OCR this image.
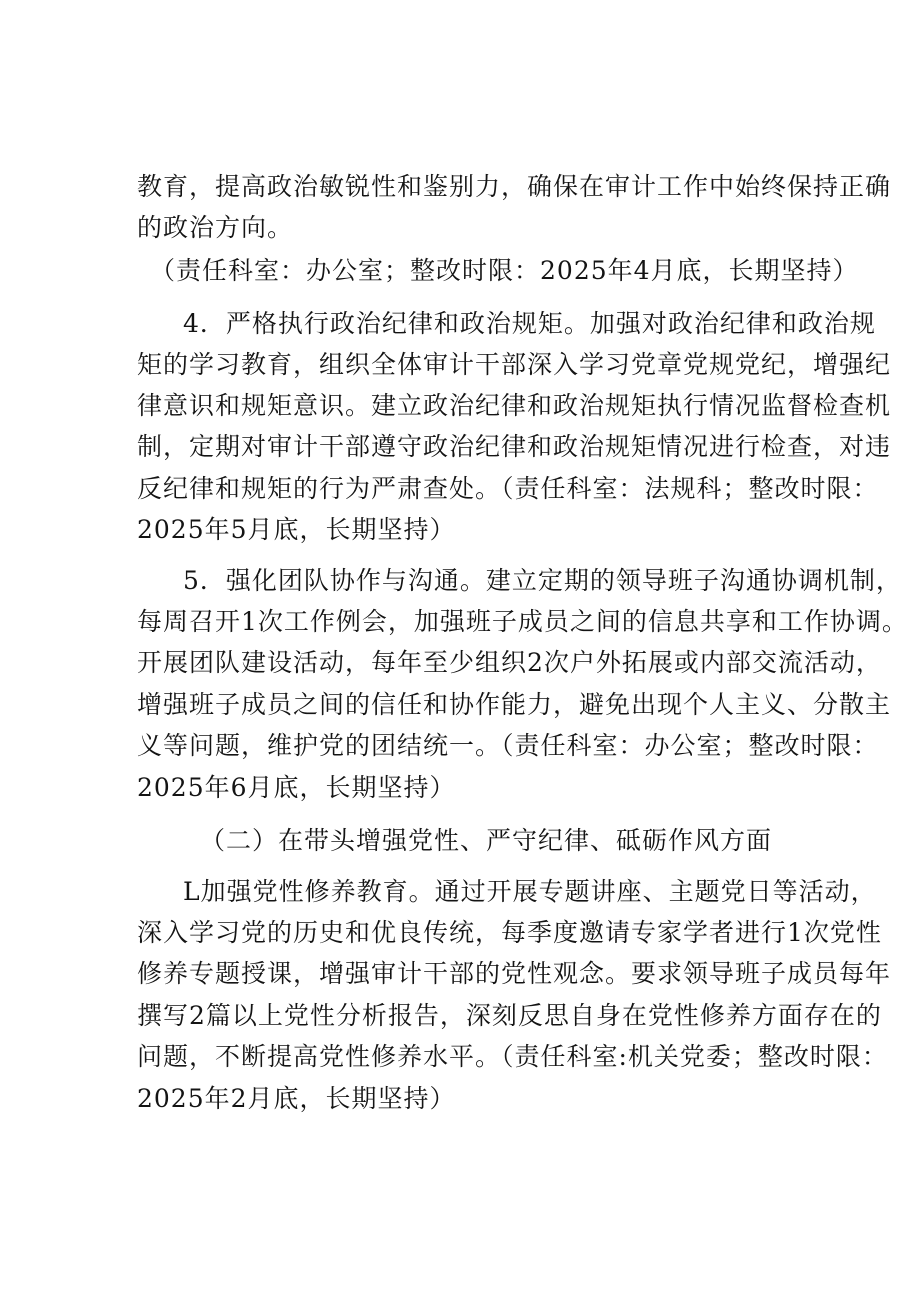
教育，提高政治敏锐性和鉴别力，确保在审计工作中始终保持正确
的政治方向。
（责任科室：办公室；整改时限：2025年4月底，长期坚持）
4．严格执行政治纪律和政治规矩。加强对政治纪律和政治规
矩的学习教育，组织全体审计干部深入学习党章党规党纪，增强纪
律意识和规矩意识。建立政治纪律和政治规矩执行情况监督检查机
制，定期对审计干部遵守政治纪律和政治规矩情况进行检查，对违
反纪律和规矩的行为严肃查处。（责任科室：法规科；整改时限：
2025年5月底，长期坚持）
5．强化团队协作与沟通。建立定期的领导班子沟通协调机制，
每周召开1次工作例会，加强班子成员之间的信息共享和工作协调。
开展团队建设活动，每年至少组织2次户外拓展或内部交流活动，
增强班子成员之间的信任和协作能力，避免出现个人主义、分散主
义等问题，维护党的团结统一。（责任科室：办公室；整改时限：
2025年6月底，长期坚持）
（二）在带头增强党性、严守纪律、砥砺作风方面
L加强党性修养教育。通过开展专题讲座、主题党日等活动，
深入学习党的历史和优良传统，每季度邀请专家学者进行1次党性
修养专题授课，增强审计干部的党性观念。要求领导班子成员每年
撰写2篇以上党性分析报告，深刻反思自身在党性修养方面存在的
问题，不断提高党性修养水平。（责任科室:机关党委；整改时限：
2025年2月底，长期坚持）
